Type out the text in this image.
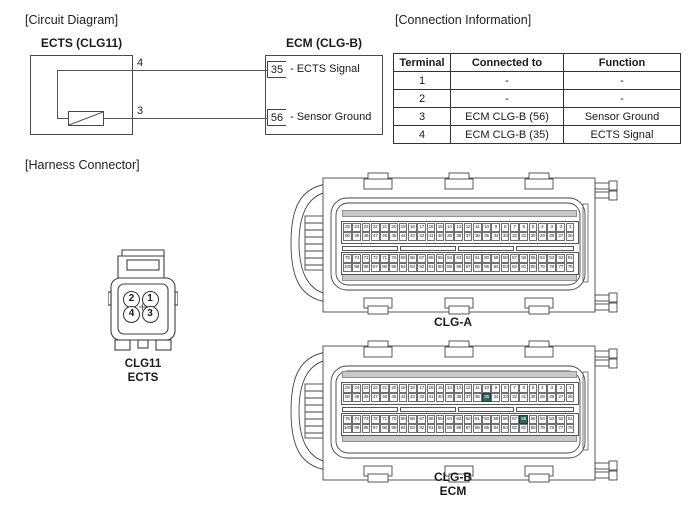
[Circuit Diagram]
ECTS (CLG11)	ECM (CLG-B)
4
3
35 - ECTS Signal
56 - Sensor Ground
[Connection Information]
Terminal	Connected to	Function
1	-	-
2	-	-
3	ECM CLG-B (56)	Sensor Ground
4	ECM CLG-B (35)	ECTS Signal
[Harness Connector]
2	1
4	3
CLG11
ECTS
25 24 23 22 21 20 19 18 17 16 15 14 13 12 11 10	9	8	7	6	5	4	3	2	1
50 49 48 47 46 45 44 43 42 41 40 39 38 37 36 35 34 33 32 31 30 29 28 27 26
75 74 73 72 71 70 69 68 67 66 65 64 63 62 61 60 59 58 57 56 55 54 53 52 51
100 99 98 97 96 95 94 93 92 91 90 89 88 87 86 85 84 83 82 81 80 79 78 77 76
CLG-A
25 24 23 22 21 20 19 18 17 16 15 14 13 12 11 10	9	8	7	6	5	4	3	2	1
50 49 48 47 46 45 44 43 42 41 40 39 38 37 36 35 34 33 32 31 30 29 28 27 26
75 74 73 72 71 70 69 68 67 66 65 64 63 62 61 60 59 58 57 56 55 54 53 52 51
100 99 98 97 96 95 94 93 92 91 90 89 88 87 86 85 84 83 82 81 80 79 78 77 76
CLG-B
ECM
